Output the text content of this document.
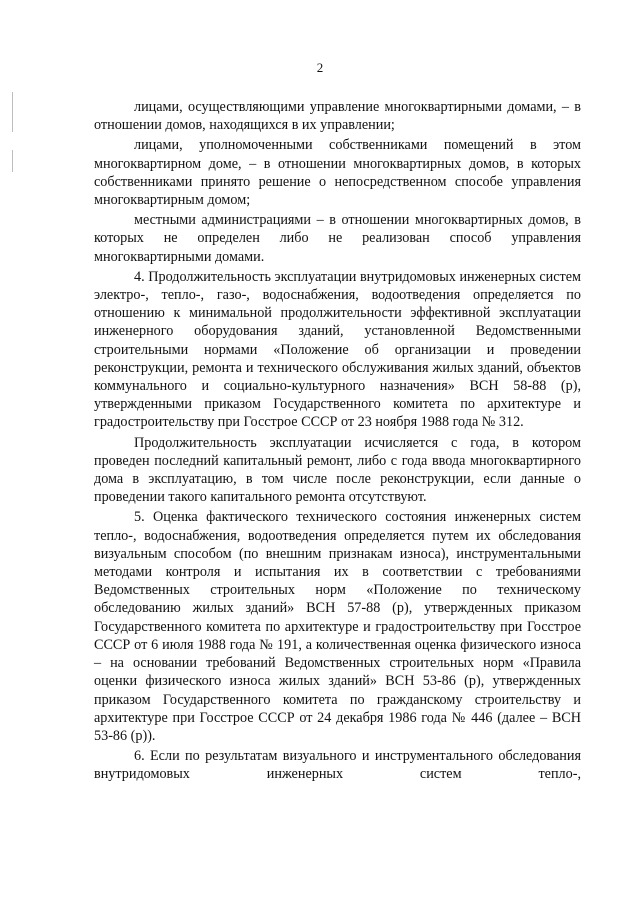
2

лицами, осуществляющими управление многоквартирными домами, – в отношении домов, находящихся в их управлении;

лицами, уполномоченными собственниками помещений в этом многоквартирном доме, – в отношении многоквартирных домов, в которых собственниками принято решение о непосредственном способе управления многоквартирным домом;

местными администрациями – в отношении многоквартирных домов, в которых не определен либо не реализован способ управления многоквартирными домами.

4. Продолжительность эксплуатации внутридомовых инженерных систем электро-, тепло-, газо-, водоснабжения, водоотведения определяется по отношению к минимальной продолжительности эффективной эксплуатации инженерного оборудования зданий, установленной Ведомственными строительными нормами «Положение об организации и проведении реконструкции, ремонта и технического обслуживания жилых зданий, объектов коммунального и социально-культурного назначения» ВСН 58-88 (р), утвержденными приказом Государственного комитета по архитектуре и градостроительству при Госстрое СССР от 23 ноября 1988 года № 312.

Продолжительность эксплуатации исчисляется с года, в котором проведен последний капитальный ремонт, либо с года ввода многоквартирного дома в эксплуатацию, в том числе после реконструкции, если данные о проведении такого капитального ремонта отсутствуют.

5. Оценка фактического технического состояния инженерных систем тепло-, водоснабжения, водоотведения определяется путем их обследования визуальным способом (по внешним признакам износа), инструментальными методами контроля и испытания их в соответствии с требованиями Ведомственных строительных норм «Положение по техническому обследованию жилых зданий» ВСН 57-88 (р), утвержденных приказом Государственного комитета по архитектуре и градостроительству при Госстрое СССР от 6 июля 1988 года № 191, а количественная оценка физического износа – на основании требований Ведомственных строительных норм «Правила оценки физического износа жилых зданий» ВСН 53-86 (р), утвержденных приказом Государственного комитета по гражданскому строительству и архитектуре при Госстрое СССР от 24 декабря 1986 года № 446 (далее – ВСН 53-86 (р)).

6. Если по результатам визуального и инструментального обследования внутридомовых инженерных систем тепло-,
